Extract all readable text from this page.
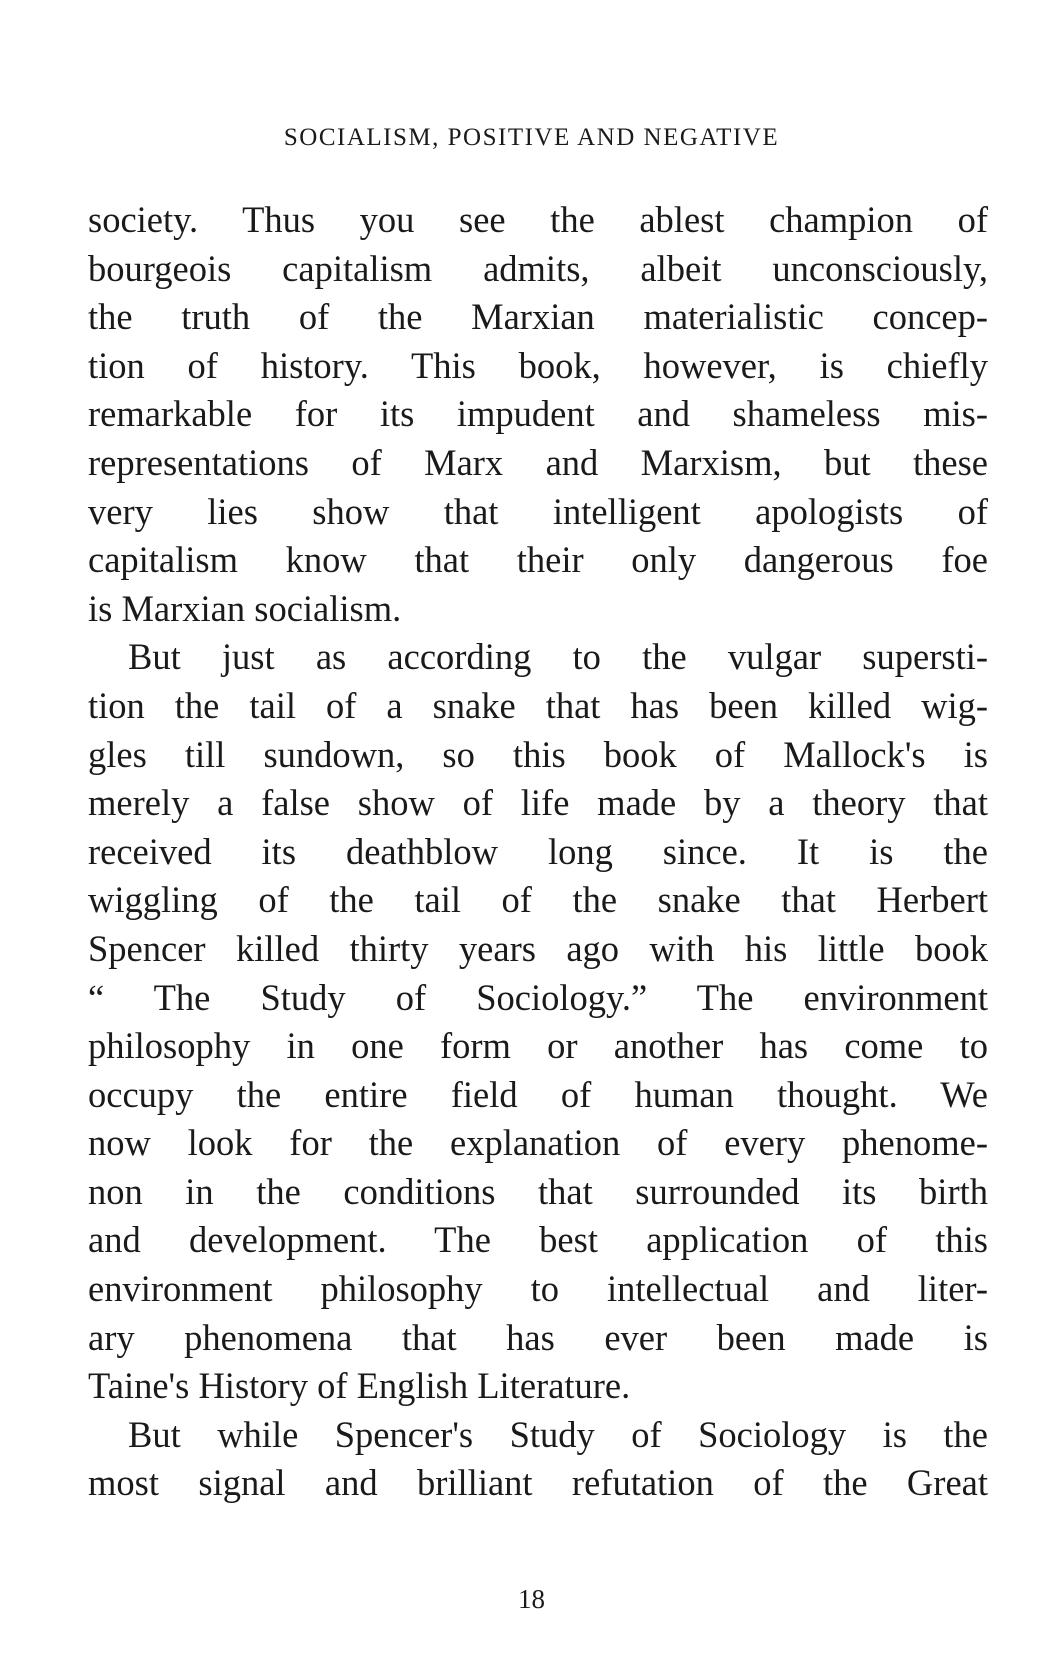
SOCIALISM, POSITIVE AND NEGATIVE
society. Thus you see the ablest champion of
bourgeois capitalism admits, albeit unconsciously,
the truth of the Marxian materialistic concep-
tion of history. This book, however, is chiefly
remarkable for its impudent and shameless mis-
representations of Marx and Marxism, but these
very lies show that intelligent apologists of
capitalism know that their only dangerous foe
is Marxian socialism.
But just as according to the vulgar supersti-
tion the tail of a snake that has been killed wig-
gles till sundown, so this book of Mallock's is
merely a false show of life made by a theory that
received its deathblow long since. It is the
wiggling of the tail of the snake that Herbert
Spencer killed thirty years ago with his little book
“ The Study of Sociology.” The environment
philosophy in one form or another has come to
occupy the entire field of human thought. We
now look for the explanation of every phenome-
non in the conditions that surrounded its birth
and development. The best application of this
environment philosophy to intellectual and liter-
ary phenomena that has ever been made is
Taine's History of English Literature.
But while Spencer's Study of Sociology is the
most signal and brilliant refutation of the Great
18
